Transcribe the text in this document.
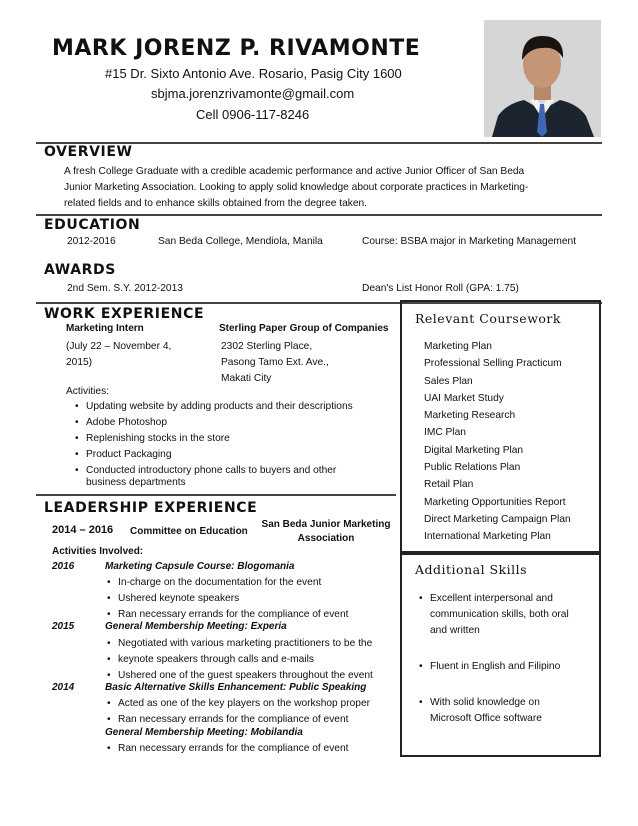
MARK JORENZ P. RIVAMONTE
#15 Dr. Sixto Antonio Ave. Rosario, Pasig City 1600
sbjma.jorenzrivamonte@gmail.com
Cell 0906-117-8246
OVERVIEW
A fresh College Graduate with a credible academic performance and active Junior Officer of San Beda
Junior Marketing Association. Looking to apply solid knowledge about corporate practices in Marketing-
related fields and to enhance skills obtained from the degree taken.
EDUCATION
2012-2016	San Beda College, Mendiola, Manila	Course: BSBA major in Marketing Management
AWARDS
2nd Sem. S.Y. 2012-2013	Dean's List Honor Roll (GPA: 1.75)
WORK EXPERIENCE
Marketing Intern	Sterling Paper Group of Companies
(July 22 – November 4,
2015)
2302 Sterling Place,
Pasong Tamo Ext. Ave.,
Makati City
Activities:
• Updating website by adding products and their descriptions
• Adobe Photoshop
• Replenishing stocks in the store
• Product Packaging
• Conducted introductory phone calls to buyers and other
business departments
LEADERSHIP EXPERIENCE
2014 – 2016 Committee on Education
San Beda Junior Marketing
Association
Activities Involved:
2016	Marketing Capsule Course: Blogomania
• In-charge on the documentation for the event
• Ushered keynote speakers
• Ran necessary errands for the compliance of event
2015	General Membership Meeting: Experia
• Negotiated with various marketing practitioners to be the
• keynote speakers through calls and e-mails
• Ushered one of the guest speakers throughout the event
2014	Basic Alternative Skills Enhancement: Public Speaking
• Acted as one of the key players on the workshop proper
• Ran necessary errands for the compliance of event
General Membership Meeting: Mobilandia
• Ran necessary errands for the compliance of event
Relevant Coursework
Marketing Plan
Professional Selling Practicum
Sales Plan
UAI Market Study
Marketing Research
IMC Plan
Digital Marketing Plan
Public Relations Plan
Retail Plan
Marketing Opportunities Report
Direct Marketing Campaign Plan
International Marketing Plan
Additional Skills
• Excellent interpersonal and
communication skills, both oral
and written
• Fluent in English and Filipino
• With solid knowledge on
Microsoft Office software
